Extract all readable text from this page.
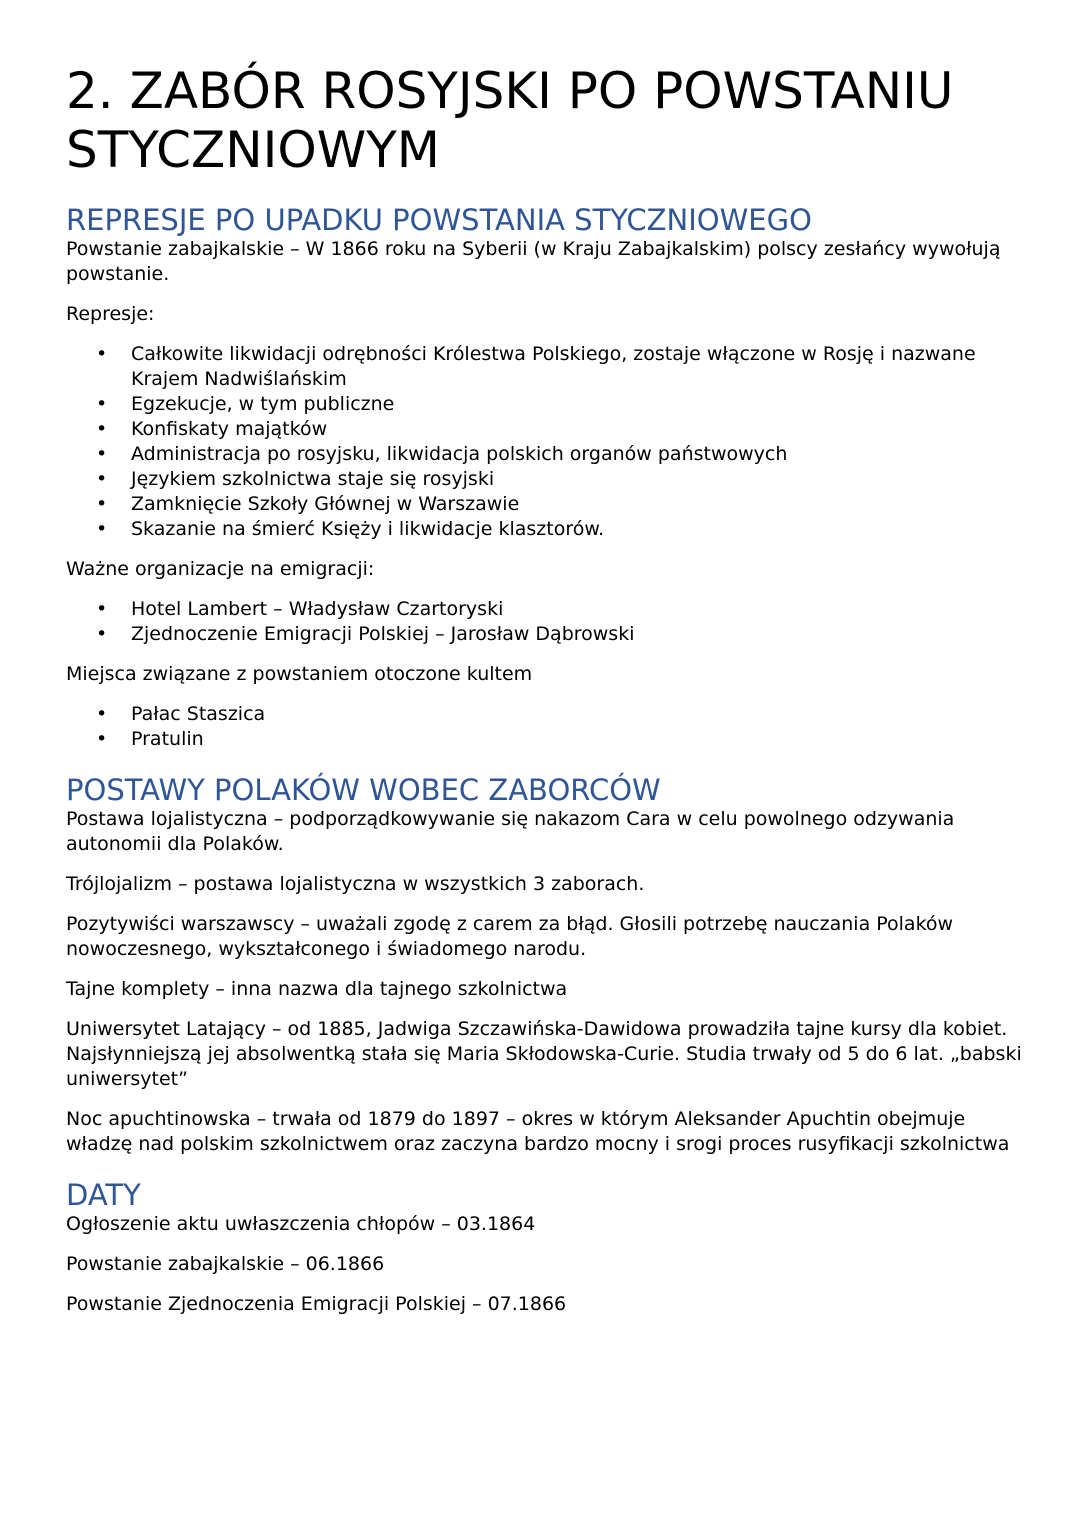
2. ZABÓR ROSYJSKI PO POWSTANIU STYCZNIOWYM
REPRESJE PO UPADKU POWSTANIA STYCZNIOWEGO

Powstanie zabajkalskie – W 1866 roku na Syberii (w Kraju Zabajkalskim) polscy zesłańcy wywołują powstanie.

Represje:

• Całkowite likwidacji odrębności Królestwa Polskiego, zostaje włączone w Rosję i nazwane Krajem Nadwiślańskim
• Egzekucje, w tym publiczne
• Konfiskaty majątków
• Administracja po rosyjsku, likwidacja polskich organów państwowych
• Językiem szkolnictwa staje się rosyjski
• Zamknięcie Szkoły Głównej w Warszawie
• Skazanie na śmierć Księży i likwidacje klasztorów.

Ważne organizacje na emigracji:

• Hotel Lambert – Władysław Czartoryski
• Zjednoczenie Emigracji Polskiej – Jarosław Dąbrowski

Miejsca związane z powstaniem otoczone kultem

• Pałac Staszica
• Pratulin
POSTAWY POLAKÓW WOBEC ZABORCÓW

Postawa lojalistyczna – podporządkowywanie się nakazom Cara w celu powolnego odzywania autonomii dla Polaków.

Trójlojalizm – postawa lojalistyczna w wszystkich 3 zaborach.

Pozytywiści warszawscy – uważali zgodę z carem za błąd. Głosili potrzebę nauczania Polaków nowoczesnego, wykształconego i świadomego narodu.

Tajne komplety – inna nazwa dla tajnego szkolnictwa

Uniwersytet Latający – od 1885, Jadwiga Szczawińska-Dawidowa prowadziła tajne kursy dla kobiet. Najsłynniejszą jej absolwentką stała się Maria Skłodowska-Curie. Studia trwały od 5 do 6 lat. „babski uniwersytet”

Noc apuchtinowska – trwała od 1879 do 1897 – okres w którym Aleksander Apuchtin obejmuje władzę nad polskim szkolnictwem oraz zaczyna bardzo mocny i srogi proces rusyfikacji szkolnictwa

DATY

Ogłoszenie aktu uwłaszczenia chłopów – 03.1864

Powstanie zabajkalskie – 06.1866

Powstanie Zjednoczenia Emigracji Polskiej – 07.1866
